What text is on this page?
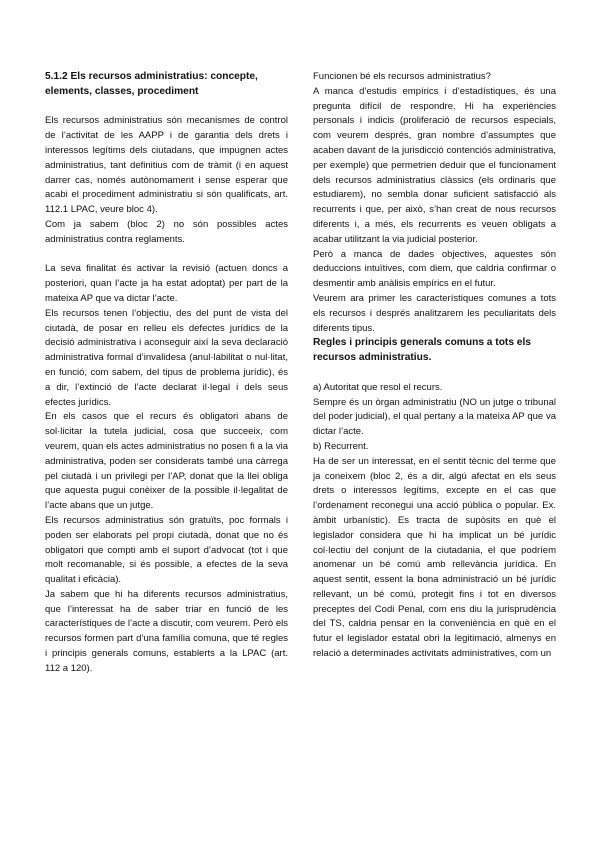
5.1.2 Els recursos administratius: concepte, elements, classes, procediment

Els recursos administratius són mecanismes de control de l’activitat de les AAPP i de garantia dels drets i interessos legítims dels ciutadans, que impugnen actes administratius, tant definitius com de tràmit (i en aquest darrer cas, només autònomament i sense esperar que acabi el procediment administratiu si són qualificats, art. 112.1 LPAC, veure bloc 4).

Com ja sabem (bloc 2) no són possibles actes administratius contra reglaments.

La seva finalitat és activar la revisió (actuen doncs a posteriori, quan l’acte ja ha estat adoptat) per part de la mateixa AP que va dictar l’acte.

Els recursos tenen l’objectiu, des del punt de vista del ciutadà, de posar en relleu els defectes jurídics de la decisió administrativa i aconseguir així la seva declaració administrativa formal d’invalidesa (anul·labilitat o nul·litat, en funció, com sabem, del tipus de problema jurídic), és a dir, l’extinció de l’acte declarat il·legal i dels seus efectes jurídics.

En els casos que el recurs és obligatori abans de sol·licitar la tutela judicial, cosa que succeeix, com veurem, quan els actes administratius no posen fi a la via administrativa, poden ser considerats també una càrrega pel ciutadà i un privilegi per l’AP, donat que la llei obliga que aquesta pugui conèixer de la possible il·legalitat de l’acte abans que un jutge.

Els recursos administratius són gratuïts, poc formals i poden ser elaborats pel propi ciutadà, donat que no és obligatori que compti amb el suport d’advocat (tot i que molt recomanable, si és possible, a efectes de la seva qualitat i eficàcia).

Ja sabem que hi ha diferents recursos administratius, que l’interessat ha de saber triar en funció de les característiques de l’acte a discutir, com veurem. Però els recursos formen part d’una família comuna, que té regles i principis generals comuns, establerts a la LPAC (art. 112 a 120).

Funcionen bé els recursos administratius?

A manca d’estudis empírics i d’estadístiques, és una pregunta difícil de respondre. Hi ha experiències personals i indicis (proliferació de recursos especials, com veurem després, gran nombre d’assumptes que acaben davant de la jurisdicció contenciós administrativa, per exemple) que permetrien deduir que el funcionament dels recursos administratius clàssics (els ordinaris que estudiarem), no sembla donar suficient satisfacció als recurrents i que, per això, s’han creat de nous recursos diferents i, a més, els recurrents es veuen obligats a acabar utilitzant la via judicial posterior.

Però a manca de dades objectives, aquestes són deduccions intuïtives, com diem, que caldria confirmar o desmentir amb anàlisis empírics en el futur.

Veurem ara primer les característiques comunes a tots els recursos i després analitzarem les peculiaritats dels diferents tipus.

Regles i principis generals comuns a tots els recursos administratius.

a) Autoritat que resol el recurs.

Sempre és un òrgan administratiu (NO un jutge o tribunal del poder judicial), el qual pertany a la mateixa AP que va dictar l’acte.

b) Recurrent.

Ha de ser un interessat, en el sentit tècnic del terme que ja coneixem (bloc 2, és a dir, algú afectat en els seus drets o interessos legítims, excepte en el cas que l’ordenament reconegui una acció pública o popular. Ex. àmbit urbanístic). Es tracta de supòsits en què el legislador considera que hi ha implicat un bé jurídic col·lectiu del conjunt de la ciutadania, el que podríem anomenar un bé comú amb rellevància jurídica. En aquest sentit, essent la bona administració un bé jurídic rellevant, un bé comú, protegit fins i tot en diversos preceptes del Codi Penal, com ens diu la jurisprudència del TS, caldria pensar en la conveniència en què en el futur el legislador estatal obri la legitimació, almenys en relació a determinades activitats administratives, com un
